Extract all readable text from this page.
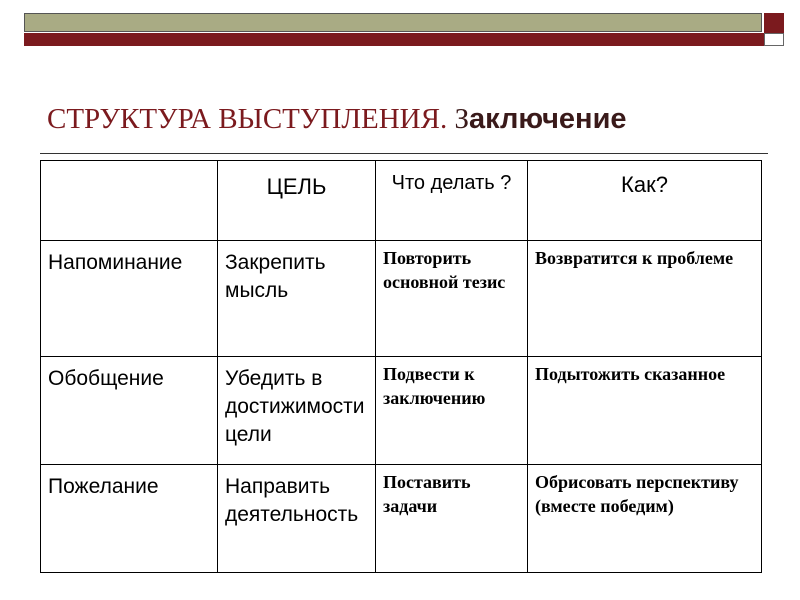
СТРУКТУРА ВЫСТУПЛЕНИЯ. Заключение
	ЦЕЛЬ	Что делать ?	Как?
Напоминание	Закрепить мысль	Повторить основной тезис	Возвратится к проблеме
Обобщение	Убедить в достижимости цели	Подвести к заключению	Подытожить сказанное
Пожелание	Направить деятельность	Поставить задачи	Обрисовать перспективу (вместе победим)
